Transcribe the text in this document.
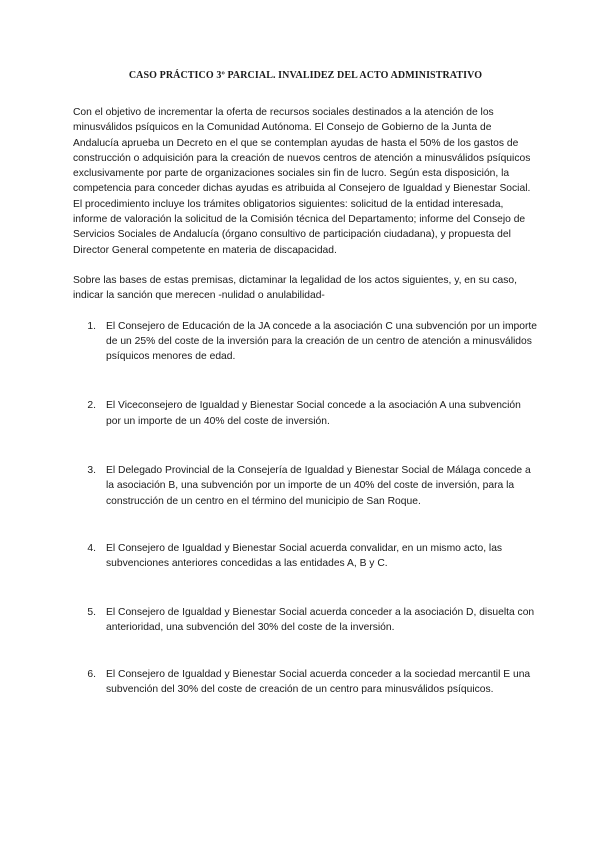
CASO PRÁCTICO 3º PARCIAL. INVALIDEZ DEL ACTO ADMINISTRATIVO

Con el objetivo de incrementar la oferta de recursos sociales destinados a la atención de los minusválidos psíquicos en la Comunidad Autónoma. El Consejo de Gobierno de la Junta de Andalucía aprueba un Decreto en el que se contemplan ayudas de hasta el 50% de los gastos de construcción o adquisición para la creación de nuevos centros de atención a minusválidos psíquicos exclusivamente por parte de organizaciones sociales sin fin de lucro. Según esta disposición, la competencia para conceder dichas ayudas es atribuida al Consejero de Igualdad y Bienestar Social. El procedimiento incluye los trámites obligatorios siguientes: solicitud de la entidad interesada, informe de valoración la solicitud de la Comisión técnica del Departamento; informe del Consejo de Servicios Sociales de Andalucía (órgano consultivo de participación ciudadana), y propuesta del Director General competente en materia de discapacidad.

Sobre las bases de estas premisas, dictaminar la legalidad de los actos siguientes, y, en su caso, indicar la sanción que merecen -nulidad o anulabilidad-

1. El Consejero de Educación de la JA concede a la asociación C una subvención por un importe de un 25% del coste de la inversión para la creación de un centro de atención a minusválidos psíquicos menores de edad.
2. El Viceconsejero de Igualdad y Bienestar Social concede a la asociación A una subvención por un importe de un 40% del coste de inversión.
3. El Delegado Provincial de la Consejería de Igualdad y Bienestar Social de Málaga concede a la asociación B, una subvención por un importe de un 40% del coste de inversión, para la construcción de un centro en el término del municipio de San Roque.
4. El Consejero de Igualdad y Bienestar Social acuerda convalidar, en un mismo acto, las subvenciones anteriores concedidas a las entidades A, B y C.
5. El Consejero de Igualdad y Bienestar Social acuerda conceder a la asociación D, disuelta con anterioridad, una subvención del 30% del coste de la inversión.
6. El Consejero de Igualdad y Bienestar Social acuerda conceder a la sociedad mercantil E una subvención del 30% del coste de creación de un centro para minusválidos psíquicos.
